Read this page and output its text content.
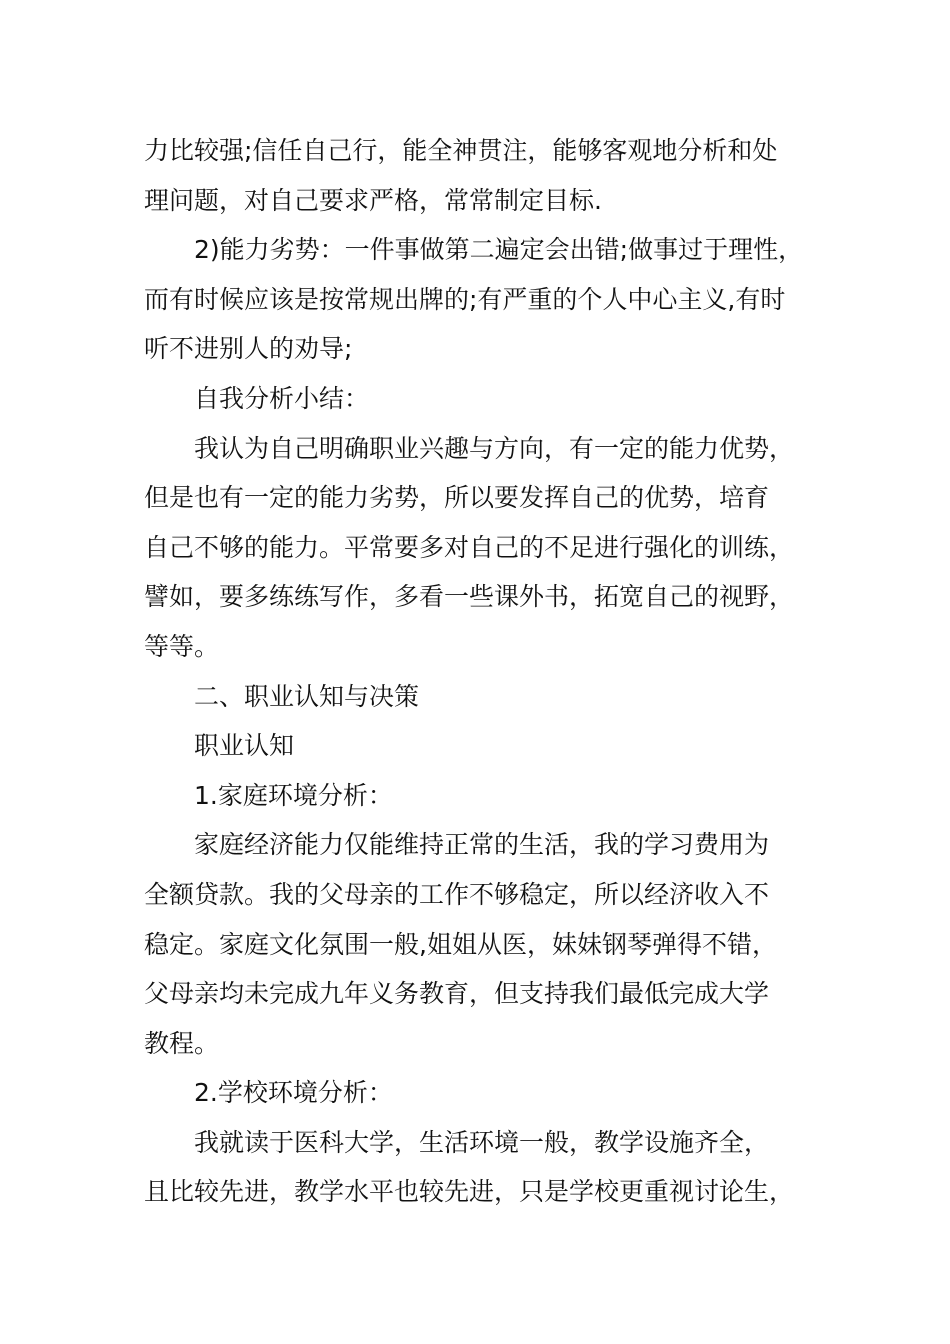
力比较强;信任自己行，能全神贯注，能够客观地分析和处
理问题，对自己要求严格，常常制定目标.
2)能力劣势：一件事做第二遍定会出错;做事过于理性，
而有时候应该是按常规出牌的;有严重的个人中心主义,有时
听不进别人的劝导;
自我分析小结：
我认为自己明确职业兴趣与方向，有一定的能力优势，
但是也有一定的能力劣势，所以要发挥自己的优势，培育
自己不够的能力。平常要多对自己的不足进行强化的训练，
譬如，要多练练写作，多看一些课外书，拓宽自己的视野，
等等。
二、职业认知与决策
职业认知
1.家庭环境分析：
家庭经济能力仅能维持正常的生活，我的学习费用为
全额贷款。我的父母亲的工作不够稳定，所以经济收入不
稳定。家庭文化氛围一般,姐姐从医，妹妹钢琴弹得不错，
父母亲均未完成九年义务教育，但支持我们最低完成大学
教程。
2.学校环境分析：
我就读于医科大学，生活环境一般，教学设施齐全，
且比较先进，教学水平也较先进，只是学校更重视讨论生，
